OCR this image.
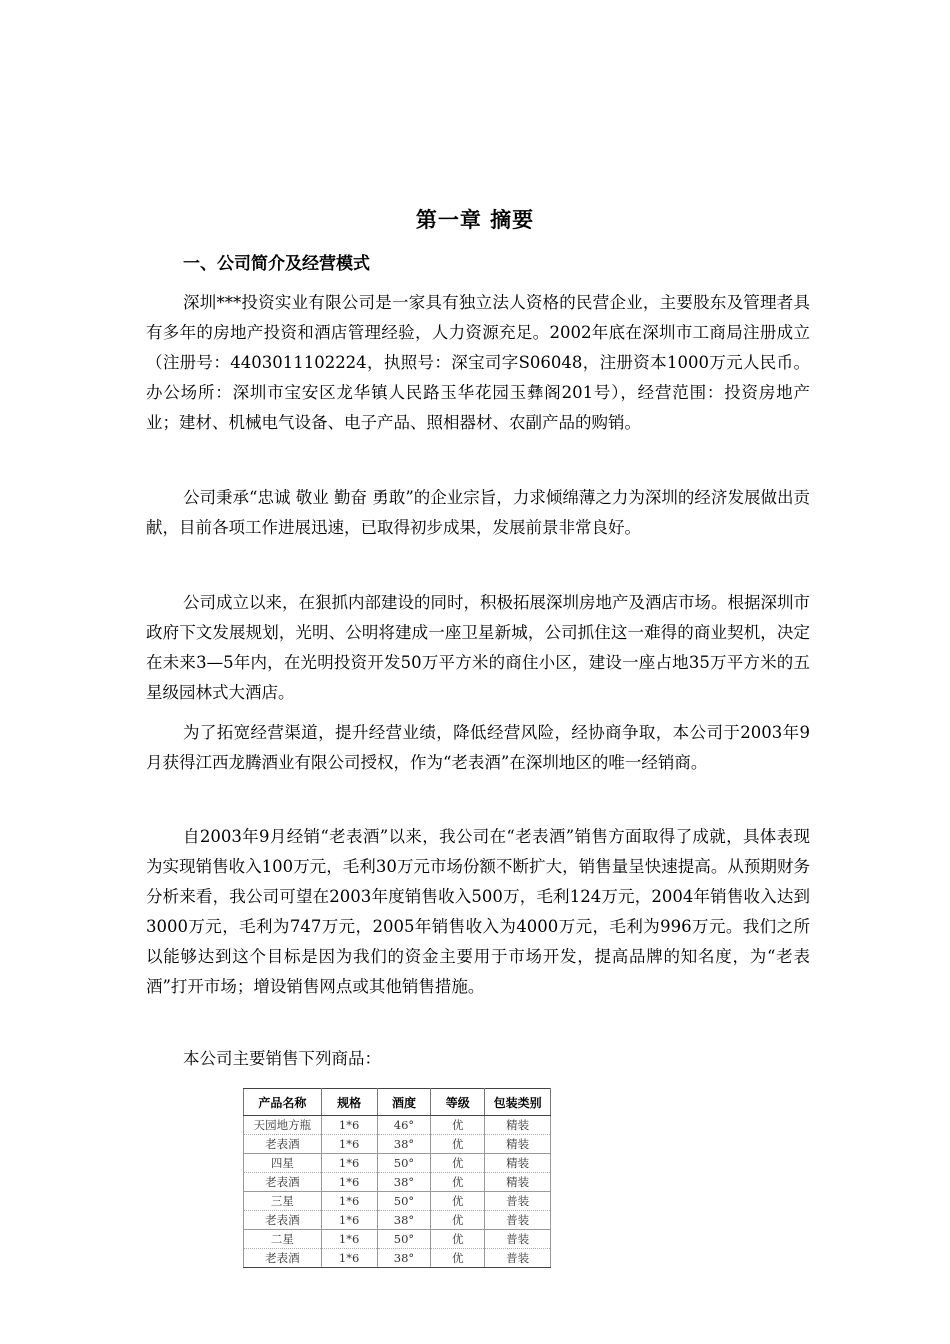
第一章 摘要
一、公司简介及经营模式

深圳***投资实业有限公司是一家具有独立法人资格的民营企业，主要股东及管理者具有多年的房地产投资和酒店管理经验，人力资源充足。2002年底在深圳市工商局注册成立（注册号：4403011102224，执照号：深宝司字S06048，注册资本1000万元人民币。办公场所：深圳市宝安区龙华镇人民路玉华花园玉彝阁201号），经营范围：投资房地产业；建材、机械电气设备、电子产品、照相器材、农副产品的购销。

公司秉承“忠诚 敬业 勤奋 勇敢”的企业宗旨，力求倾绵薄之力为深圳的经济发展做出贡献，目前各项工作进展迅速，已取得初步成果，发展前景非常良好。

公司成立以来，在狠抓内部建设的同时，积极拓展深圳房地产及酒店市场。根据深圳市政府下文发展规划，光明、公明将建成一座卫星新城，公司抓住这一难得的商业契机，决定在未来3—5年内，在光明投资开发50万平方米的商住小区，建设一座占地35万平方米的五星级园林式大酒店。

为了拓宽经营渠道，提升经营业绩，降低经营风险，经协商争取，本公司于2003年9月获得江西龙腾酒业有限公司授权，作为“老表酒”在深圳地区的唯一经销商。

自2003年9月经销“老表酒”以来，我公司在“老表酒”销售方面取得了成就，具体表现为实现销售收入100万元，毛利30万元市场份额不断扩大，销售量呈快速提高。从预期财务分析来看，我公司可望在2003年度销售收入500万，毛利124万元，2004年销售收入达到3000万元，毛利为747万元，2005年销售收入为4000万元，毛利为996万元。我们之所以能够达到这个目标是因为我们的资金主要用于市场开发，提高品牌的知名度，为“老表酒”打开市场；增设销售网点或其他销售措施。

本公司主要销售下列商品：

产品名称	规格	酒度	等级	包装类别
天园地方瓶	1*6	46°	优	精装
老表酒	1*6	38°	优	精装
四星	1*6	50°	优	精装
老表酒	1*6	38°	优	精装
三星	1*6	50°	优	普装
老表酒	1*6	38°	优	普装
二星	1*6	50°	优	普装
老表酒	1*6	38°	优	普装
